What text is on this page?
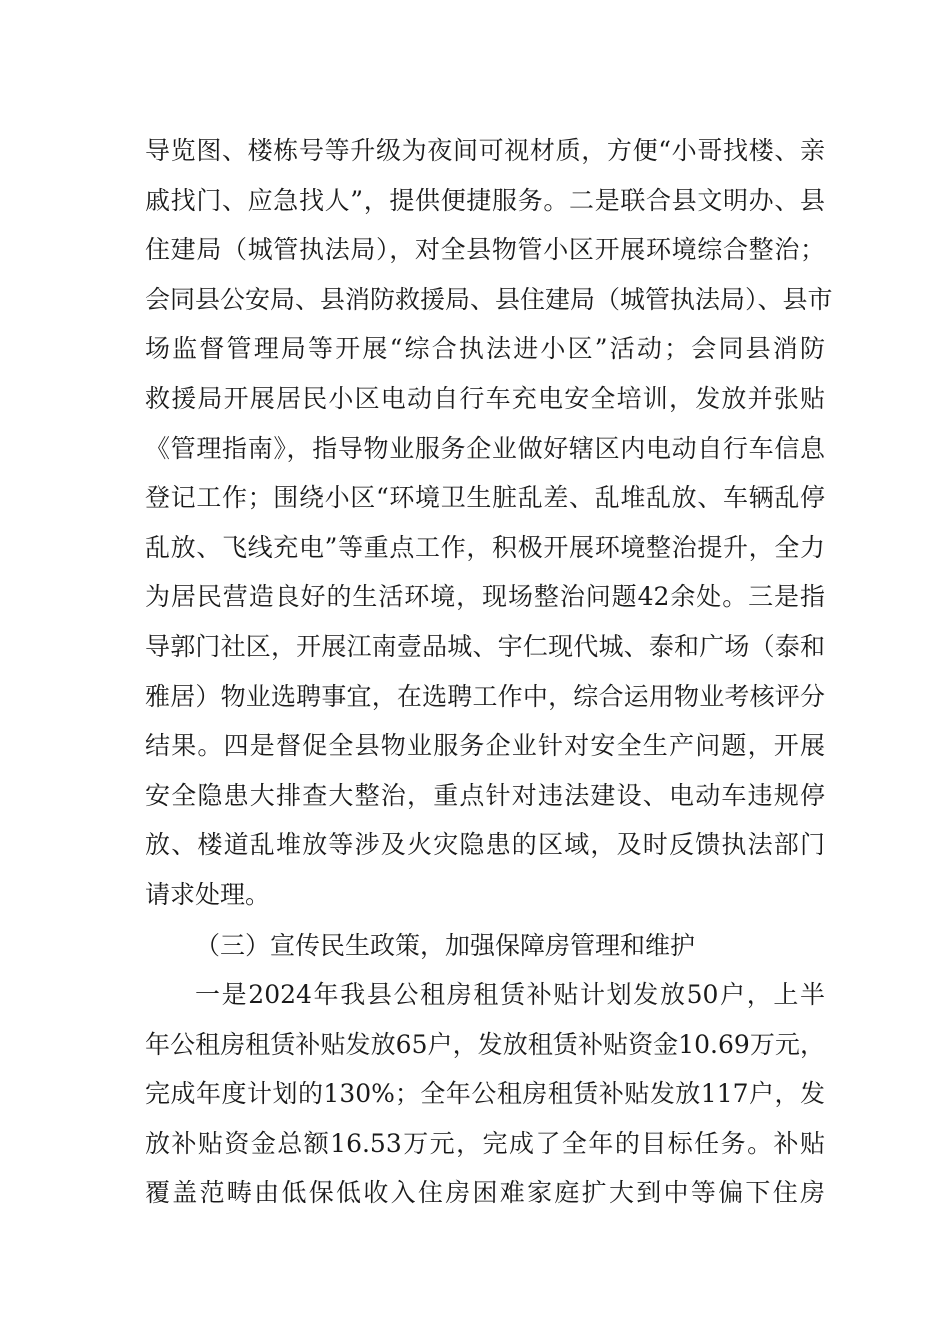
导览图、楼栋号等升级为夜间可视材质，方便“小哥找楼、亲
戚找门、应急找人”，提供便捷服务。二是联合县文明办、县
住建局（城管执法局），对全县物管小区开展环境综合整治；
会同县公安局、县消防救援局、县住建局（城管执法局）、县市
场监督管理局等开展“综合执法进小区”活动；会同县消防
救援局开展居民小区电动自行车充电安全培训，发放并张贴
《管理指南》，指导物业服务企业做好辖区内电动自行车信息
登记工作；围绕小区“环境卫生脏乱差、乱堆乱放、车辆乱停
乱放、飞线充电”等重点工作，积极开展环境整治提升，全力
为居民营造良好的生活环境，现场整治问题42余处。三是指
导郭门社区，开展江南壹品城、宇仁现代城、泰和广场（泰和
雅居）物业选聘事宜，在选聘工作中，综合运用物业考核评分
结果。四是督促全县物业服务企业针对安全生产问题，开展
安全隐患大排查大整治，重点针对违法建设、电动车违规停
放、楼道乱堆放等涉及火灾隐患的区域，及时反馈执法部门
请求处理。
（三）宣传民生政策，加强保障房管理和维护
一是2024年我县公租房租赁补贴计划发放50户，上半
年公租房租赁补贴发放65户，发放租赁补贴资金10.69万元，
完成年度计划的130%；全年公租房租赁补贴发放117户，发
放补贴资金总额16.53万元，完成了全年的目标任务。补贴
覆盖范畴由低保低收入住房困难家庭扩大到中等偏下住房
